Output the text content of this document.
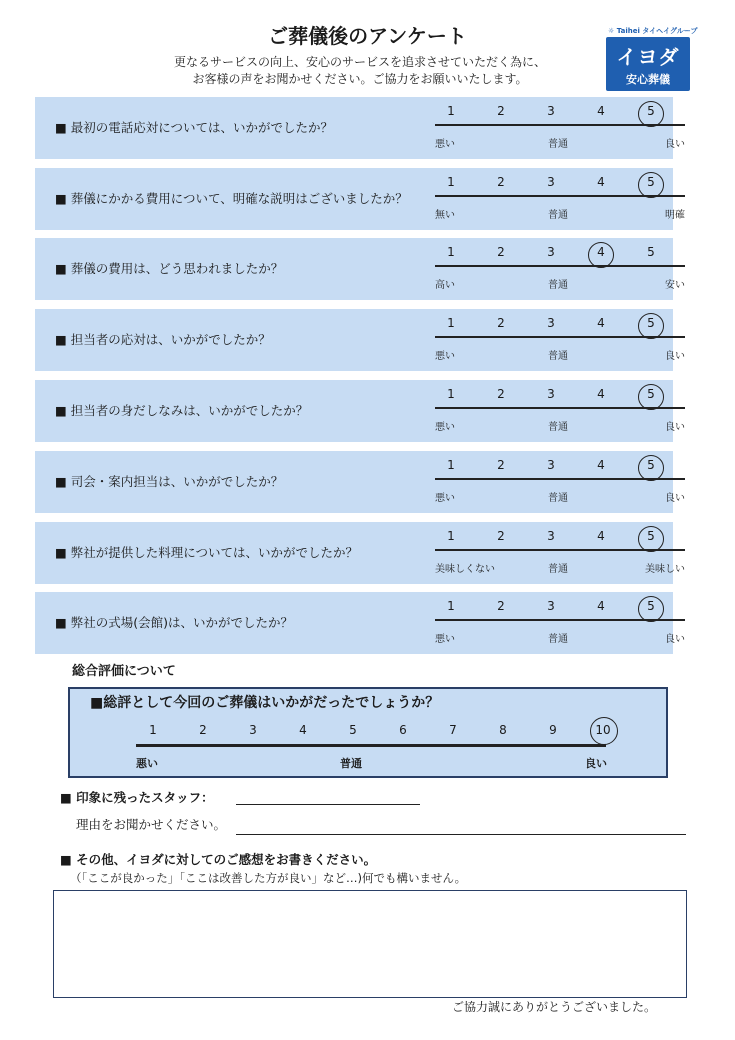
ご葬儀後のアンケート
更なるサービスの向上、安心のサービスを追求させていただく為に、
お客様の声をお聞かせください。ご協力をお願いいたします。
☼ Taihei タイヘイグループ
イヨダ
安心葬儀
■ 最初の電話応対については、いかがでしたか？
1	2	3	4	5
悪い	普通	良い
■ 葬儀にかかる費用について、明確な説明はございましたか？
1	2	3	4	5
無い	普通	明確
■ 葬儀の費用は、どう思われましたか？
1	2	3	4	5
高い	普通	安い
■ 担当者の応対は、いかがでしたか？
1	2	3	4	5
悪い	普通	良い
■ 担当者の身だしなみは、いかがでしたか？
1	2	3	4	5
悪い	普通	良い
■ 司会・案内担当は、いかがでしたか？
1	2	3	4	5
悪い	普通	良い
■ 弊社が提供した料理については、いかがでしたか？
1	2	3	4	5
美味しくない	普通	美味しい
■ 弊社の式場(会館)は、いかがでしたか？
1	2	3	4	5
悪い	普通	良い
総合評価について
■総評として今回のご葬儀はいかがだったでしょうか？
1	2	3	4	5	6	7	8	9	10
悪い	普通	良い
■ 印象に残ったスタッフ：
理由をお聞かせください。
■ その他、イヨダに対してのご感想をお書きください。
（「ここが良かった」「ここは改善した方が良い」など…)何でも構いません。
ご協力誠にありがとうございました。
